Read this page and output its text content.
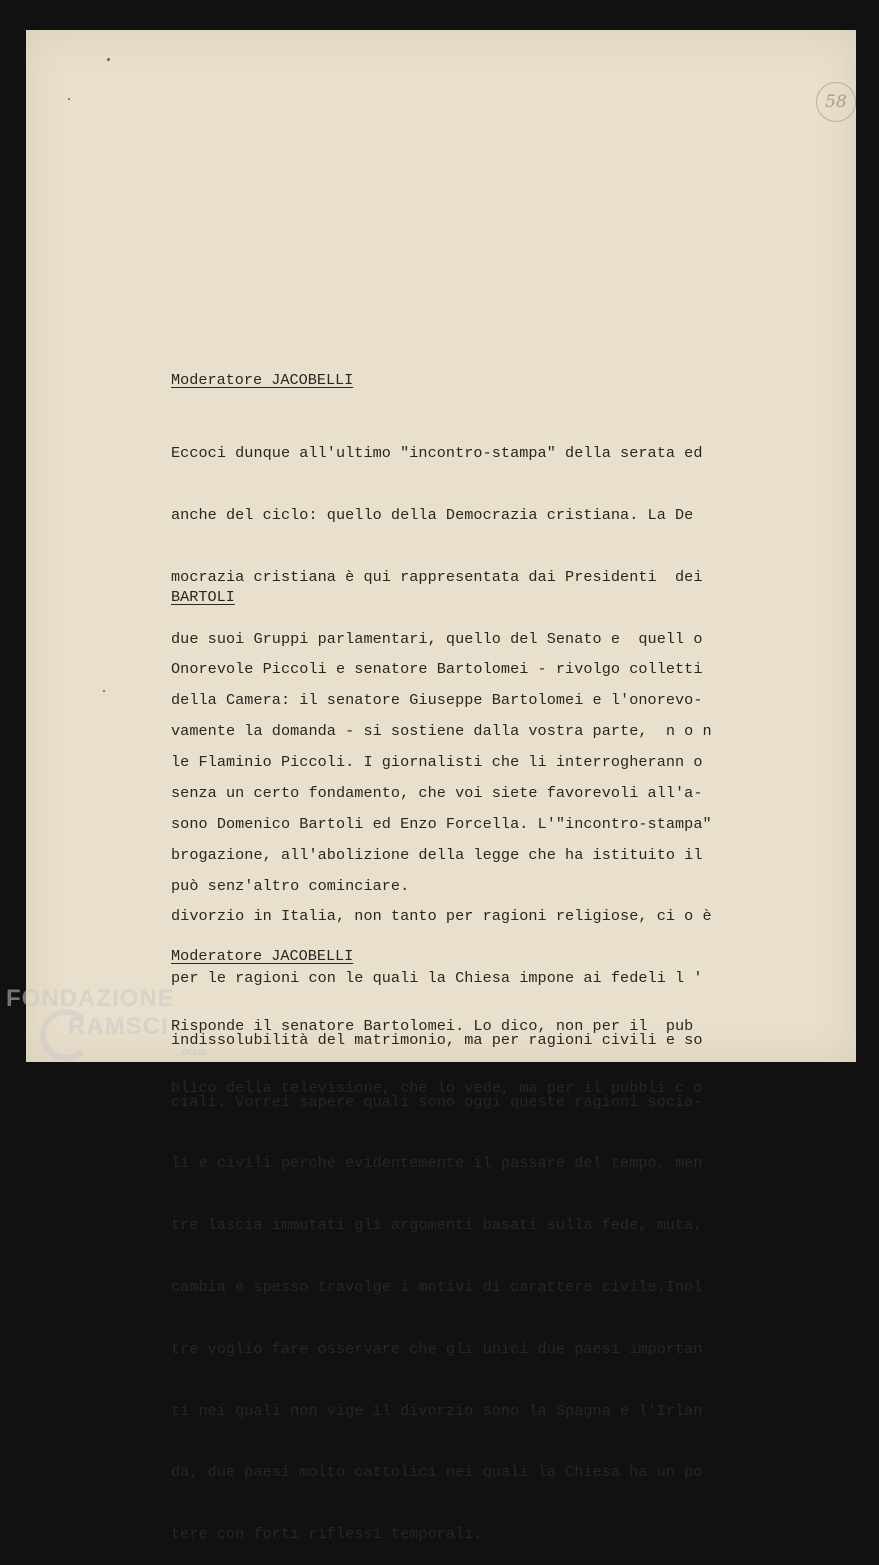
58
Moderatore JACOBELLI

Eccoci dunque all'ultimo "incontro-stampa" della serata ed

anche del ciclo: quello della Democrazia cristiana. La De

mocrazia cristiana è qui rappresentata dai Presidenti  dei

due suoi Gruppi parlamentari, quello del Senato e  quell o

della Camera: il senatore Giuseppe Bartolomei e l'onorevo-

le Flaminio Piccoli. I giornalisti che li interrogherann o

sono Domenico Bartoli ed Enzo Forcella. L'"incontro-stampa"

può senz'altro cominciare.

BARTOLI

Onorevole Piccoli e senatore Bartolomei - rivolgo colletti

vamente la domanda - si sostiene dalla vostra parte,  n o n

senza un certo fondamento, che voi siete favorevoli all'a-

brogazione, all'abolizione della legge che ha istituito il

divorzio in Italia, non tanto per ragioni religiose, ci o è

per le ragioni con le quali la Chiesa impone ai fedeli l '

indissolubilità del matrimonio, ma per ragioni civili e so

ciali. Vorrei sapere quali sono oggi queste ragioni socia-

li e civili perché evidentemente il passare del tempo, men

tre lascia immutati gli argomenti basati sulla fede, muta,

cambia e spesso travolge i motivi di carattere civile.Inol

tre voglio fare osservare che gli unici due paesi importan

ti nei quali non vige il divorzio sono la Spagna e l'Irlan

da, due paesi molto cattolici nei quali la Chiesa ha un po

tere con forti riflessi temporali.

Moderatore JACOBELLI

Risponde il senatore Bartolomei. Lo dico, non per il  pub

blico della televisione, che lo vede, ma per il pubbli c o

FONDAZIONE
RAMSCI
onlus
